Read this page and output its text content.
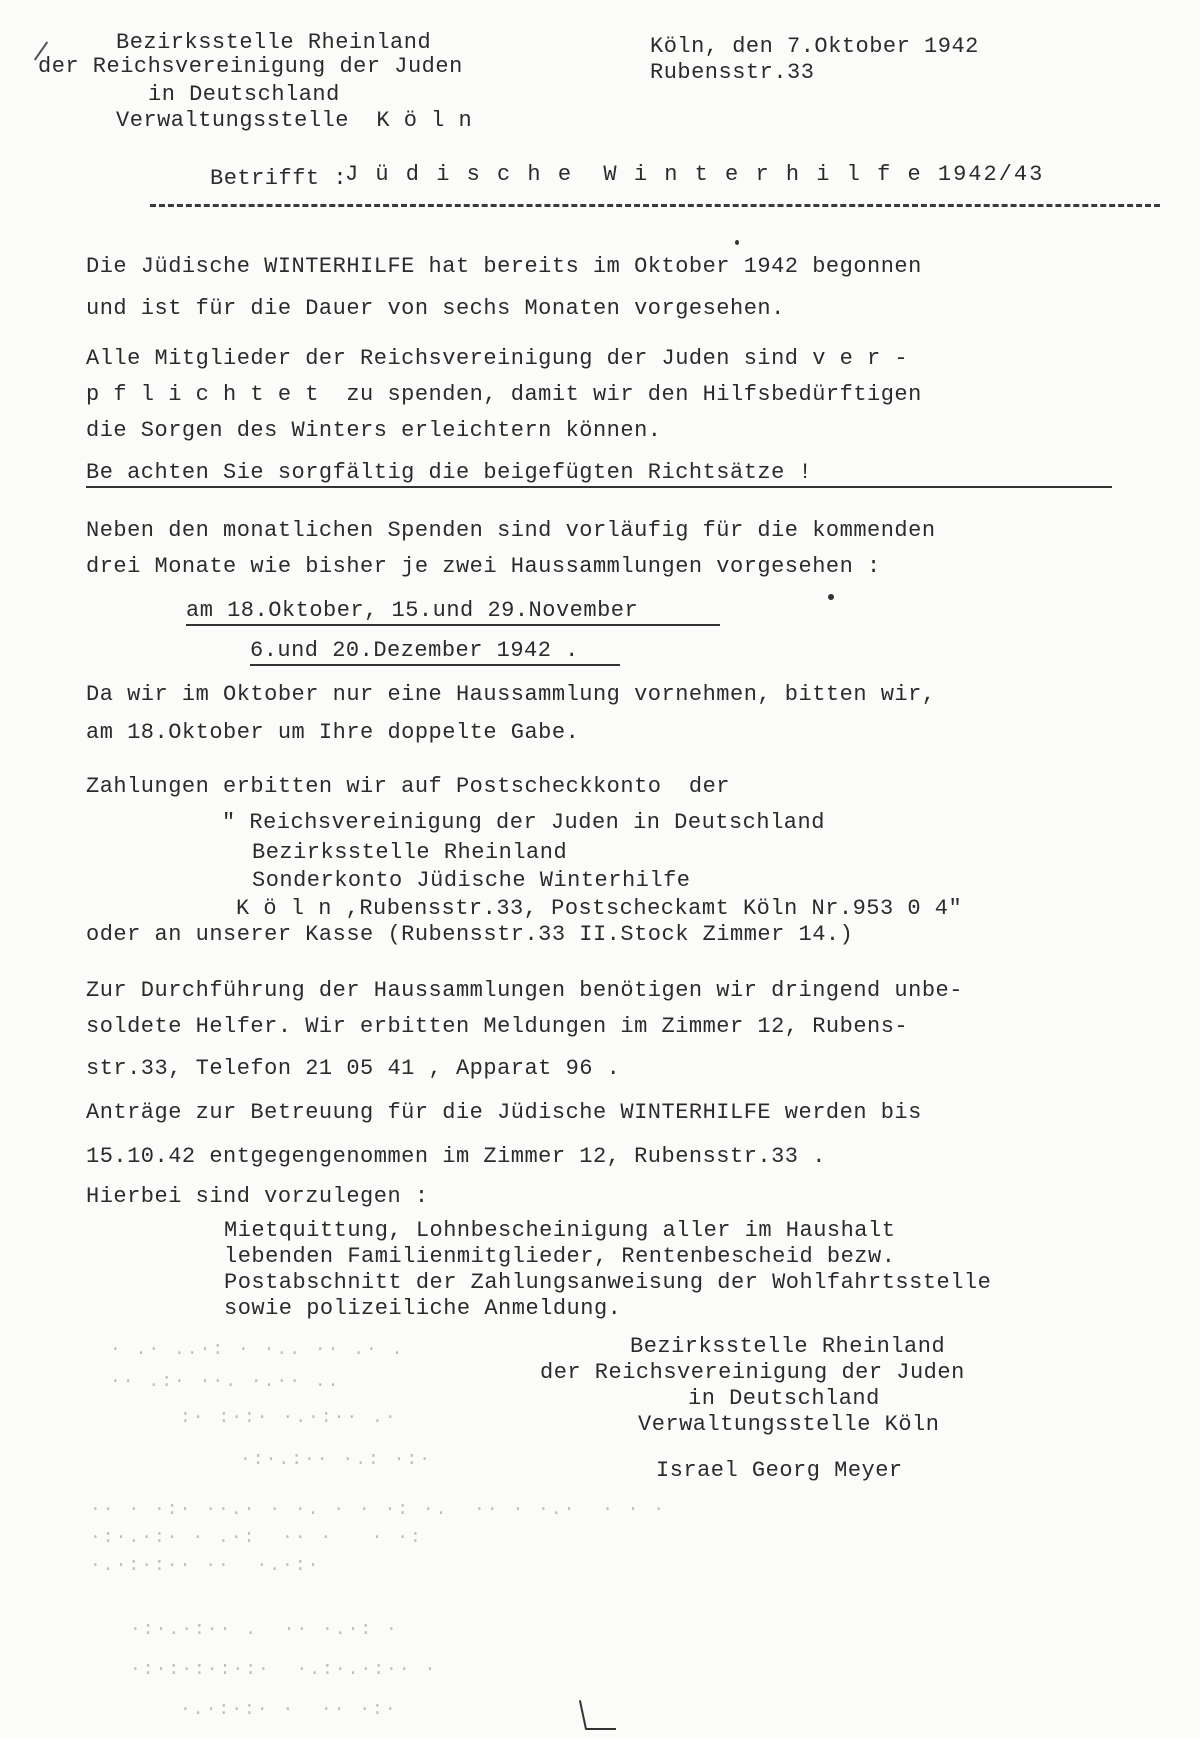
Bezirksstelle Rheinland
der Reichsvereinigung der Juden
in Deutschland
Verwaltungsstelle  K ö l n
Köln, den 7.Oktober 1942
Rubensstr.33
Betrifft :
J ü d i s c h e  W i n t e r h i l f e 1942/43
Die Jüdische WINTERHILFE hat bereits im Oktober 1942 begonnen
und ist für die Dauer von sechs Monaten vorgesehen.
Alle Mitglieder der Reichsvereinigung der Juden sind v e r -
p f l i c h t e t  zu spenden, damit wir den Hilfsbedürftigen
die Sorgen des Winters erleichtern können.
Be achten Sie sorgfältig die beigefügten Richtsätze !
Neben den monatlichen Spenden sind vorläufig für die kommenden
drei Monate wie bisher je zwei Haussammlungen vorgesehen :
am 18.Oktober, 15.und 29.November
6.und 20.Dezember 1942 .
Da wir im Oktober nur eine Haussammlung vornehmen, bitten wir,
am 18.Oktober um Ihre doppelte Gabe.
Zahlungen erbitten wir auf Postscheckkonto  der
" Reichsvereinigung der Juden in Deutschland
Bezirksstelle Rheinland
Sonderkonto Jüdische Winterhilfe
K ö l n ,Rubensstr.33, Postscheckamt Köln Nr.953 0 4"
oder an unserer Kasse (Rubensstr.33 II.Stock Zimmer 14.)
Zur Durchführung der Haussammlungen benötigen wir dringend unbe-
soldete Helfer. Wir erbitten Meldungen im Zimmer 12, Rubens-
str.33, Telefon 21 05 41 , Apparat 96 .
Anträge zur Betreuung für die Jüdische WINTERHILFE werden bis
15.10.42 entgegengenommen im Zimmer 12, Rubensstr.33 .
Hierbei sind vorzulegen :
Mietquittung, Lohnbescheinigung aller im Haushalt
lebenden Familienmitglieder, Rentenbescheid bezw.
Postabschnitt der Zahlungsanweisung der Wohlfahrtsstelle
sowie polizeiliche Anmeldung.
Bezirksstelle Rheinland
der Reichsvereinigung der Juden
in Deutschland
Verwaltungsstelle Köln
Israel Georg Meyer
· .· ..·: · ·.. ·· .· .
·· .:· ··. ·.·· ..
:· :·:· ·.·:·· .·
·:·.:·· ·.: ·:·
·· · ·:· ··.· · ·. · · ·: ·.  ·· · ·.·  · · ·
·:·.·:· · .·:  ·· ·   · ·:
·.·:·:·· ··  ·.·:·
·:·.·:·· .  ·· ·.·: ·
·:·:·:·:·:·  ·.:·.·:·· ·
·.·:·:· ·  ·· ·:·
